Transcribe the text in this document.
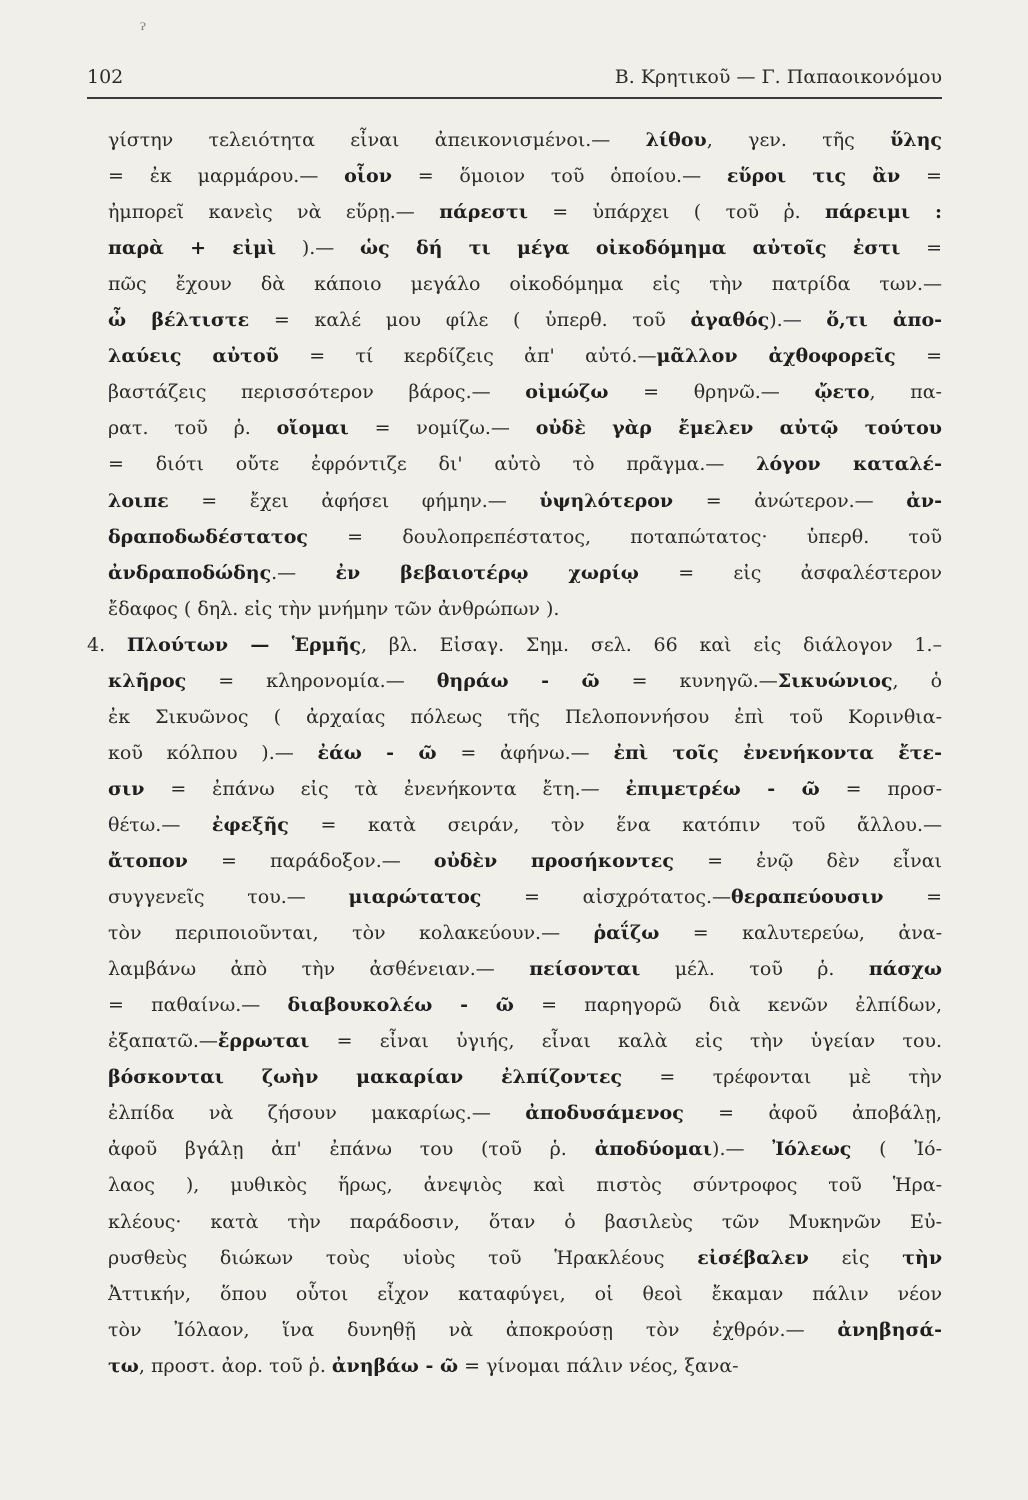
Ɂ
102	Β. Κρητικοῦ — Γ. Παπαοικονόμου
γίστην τελειότητα εἶναι ἀπεικονισμένοι.— λίθου, γεν. τῆς ὕλης
= ἐκ μαρμάρου.— οἷον = ὅμοιον τοῦ ὁποίου.— εὕροι τις ἂν =
ἠμπορεῖ κανεὶς νὰ εὕρῃ.— πάρεστι = ὑπάρχει ( τοῦ ῥ. πάρειμι :
παρὰ + εἰμὶ ).— ὡς δή τι μέγα οἰκοδόμημα αὐτοῖς ἐστι =
πῶς ἔχουν δὰ κάποιο μεγάλο οἰκοδόμημα εἰς τὴν πατρίδα των.—
ὦ βέλτιστε = καλέ μου φίλε ( ὑπερθ. τοῦ ἀγαθός).— ὅ,τι ἀπο-
λαύεις αὐτοῦ = τί κερδίζεις ἀπ' αὐτό.—μᾶλλον ἀχθοφορεῖς =
βαστάζεις περισσότερον βάρος.— οἰμώζω = θρηνῶ.— ᾤετο, πα-
ρατ. τοῦ ῥ. οἴομαι = νομίζω.— οὐδὲ γὰρ ἔμελεν αὐτῷ τούτου
= διότι οὔτε ἐφρόντιζε δι' αὐτὸ τὸ πρᾶγμα.— λόγον καταλέ-
λοιπε = ἔχει ἀφήσει φήμην.— ὑψηλότερον = ἀνώτερον.— ἀν-
δραποδωδέστατος = δουλοπρεπέστατος, ποταπώτατος· ὑπερθ. τοῦ
ἀνδραποδώδης.— ἐν βεβαιοτέρῳ χωρίῳ = εἰς ἀσφαλέστερον
ἔδαφος ( δηλ. εἰς τὴν μνήμην τῶν ἀνθρώπων ).
4. Πλούτων — Ἑρμῆς, βλ. Εἰσαγ. Σημ. σελ. 66 καὶ εἰς διάλογον 1.–
κλῆρος = κληρονομία.— θηράω - ῶ = κυνηγῶ.—Σικυώνιος, ὁ
ἐκ Σικυῶνος ( ἀρχαίας πόλεως τῆς Πελοποννήσου ἐπὶ τοῦ Κορινθια-
κοῦ κόλπου ).— ἐάω - ῶ = ἀφήνω.— ἐπὶ τοῖς ἐνενήκοντα ἔτε-
σιν = ἐπάνω εἰς τὰ ἐνενήκοντα ἔτη.— ἐπιμετρέω - ῶ = προσ-
θέτω.— ἐφεξῆς = κατὰ σειράν, τὸν ἕνα κατόπιν τοῦ ἄλλου.—
ἄτοπον = παράδοξον.— οὐδὲν προσήκοντες = ἐνῷ δὲν εἶναι
συγγενεῖς του.— μιαρώτατος = αἰσχρότατος.—θεραπεύουσιν =
τὸν περιποιοῦνται, τὸν κολακεύουν.— ῥαΐζω = καλυτερεύω, ἀνα-
λαμβάνω ἀπὸ τὴν ἀσθένειαν.— πείσονται μέλ. τοῦ ῥ. πάσχω
= παθαίνω.— διαβουκολέω - ῶ = παρηγορῶ διὰ κενῶν ἐλπίδων,
ἐξαπατῶ.—ἔρρωται = εἶναι ὑγιής, εἶναι καλὰ εἰς τὴν ὑγείαν του.
βόσκονται ζωὴν μακαρίαν ἐλπίζοντες = τρέφονται μὲ τὴν
ἐλπίδα νὰ ζήσουν μακαρίως.— ἀποδυσάμενος = ἀφοῦ ἀποβάλῃ,
ἀφοῦ βγάλῃ ἀπ' ἐπάνω του (τοῦ ῥ. ἀποδύομαι).— Ἰόλεως ( Ἰό-
λαος ), μυθικὸς ἥρως, ἀνεψιὸς καὶ πιστὸς σύντροφος τοῦ Ἡρα-
κλέους· κατὰ τὴν παράδοσιν, ὅταν ὁ βασιλεὺς τῶν Μυκηνῶν Εὐ-
ρυσθεὺς διώκων τοὺς υἱοὺς τοῦ Ἡρακλέους εἰσέβαλεν εἰς τὴν
Ἀττικήν, ὅπου οὗτοι εἶχον καταφύγει, οἱ θεοὶ ἔκαμαν πάλιν νέον
τὸν Ἰόλαον, ἵνα δυνηθῇ νὰ ἀποκρούσῃ τὸν ἐχθρόν.— ἀνηβησά-
τω, προστ. ἀορ. τοῦ ῥ. ἀνηβάω - ῶ = γίνομαι πάλιν νέος, ξανα-
